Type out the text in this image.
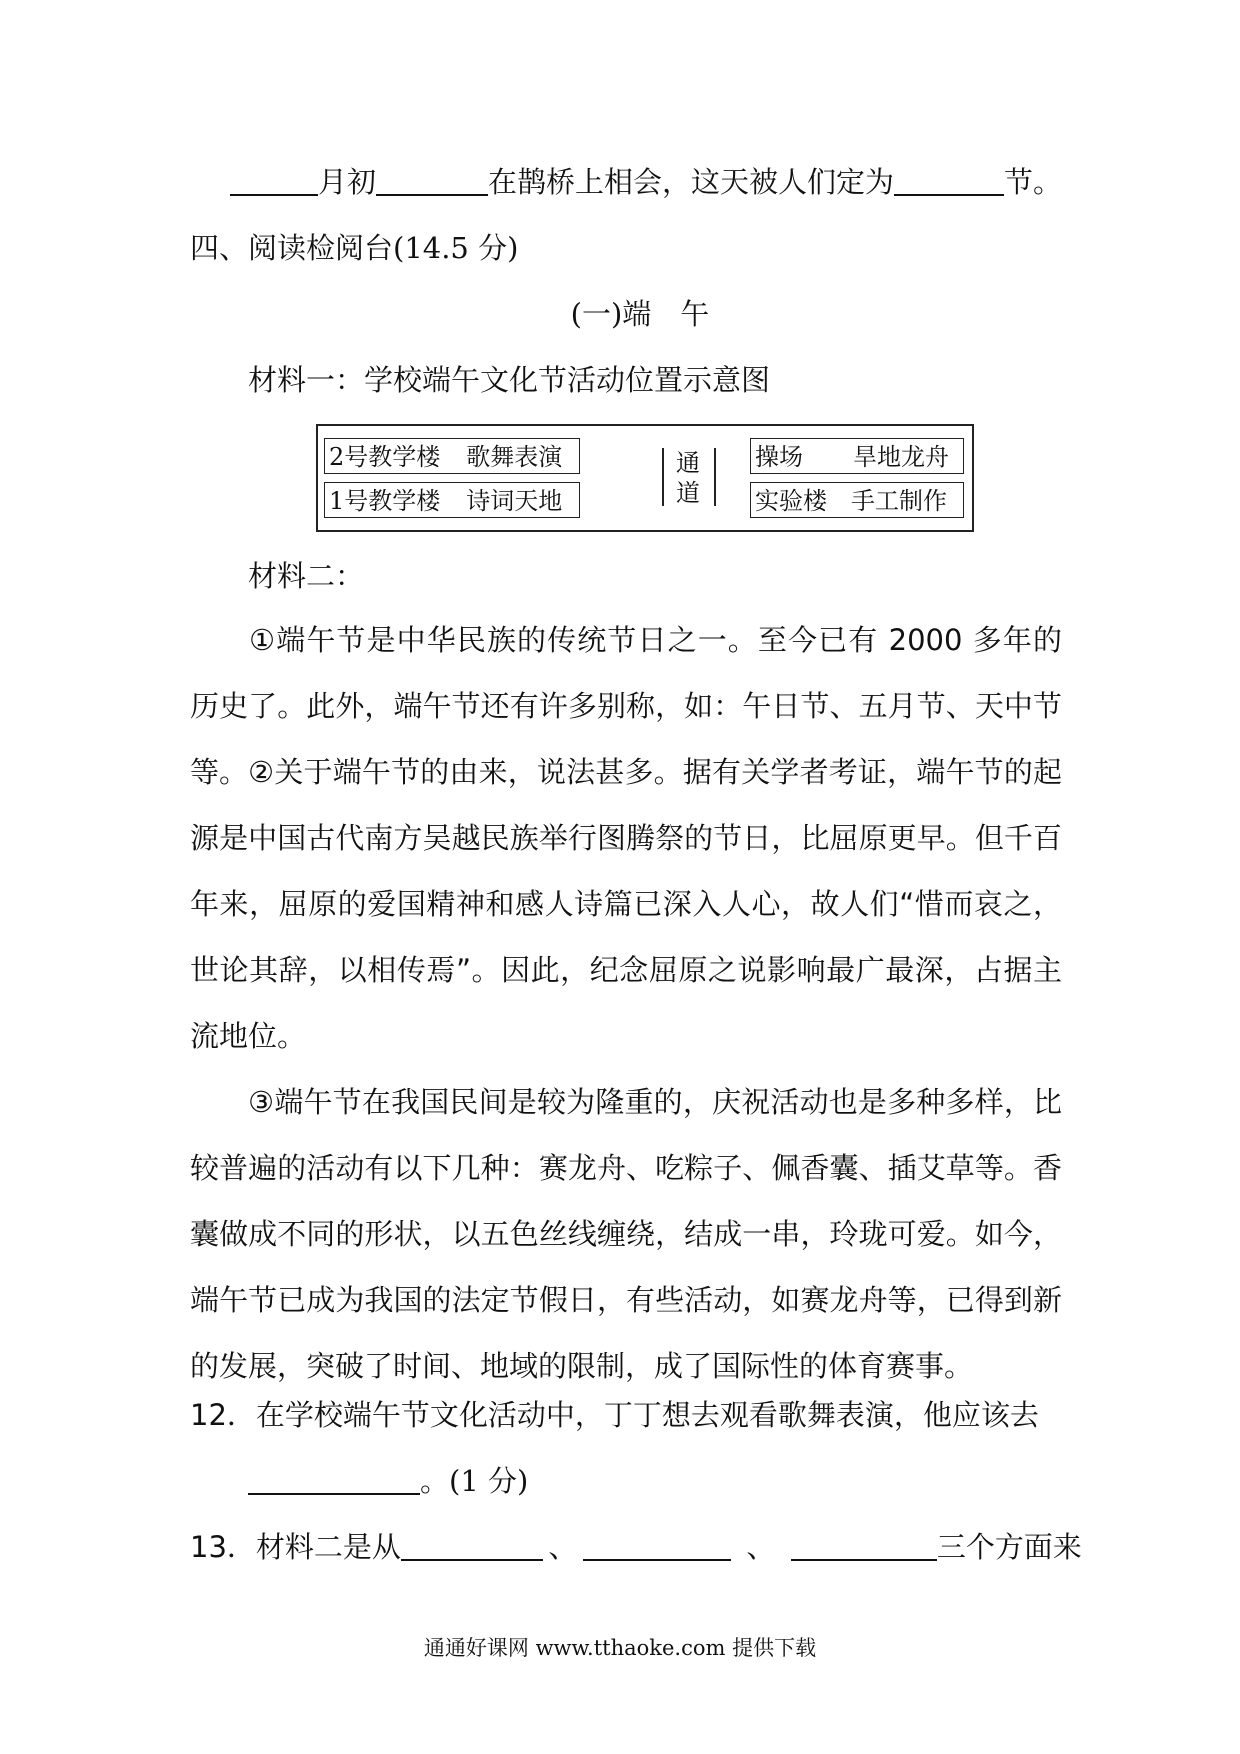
月初	在鹊桥上相会，这天被人们定为	节。
四、阅读检阅台(14.5 分)
(一)端　午
材料一：学校端午文化节活动位置示意图
2号教学楼 歌舞表演
1号教学楼 诗词天地
通
道
操场 旱地龙舟
实验楼 手工制作
材料二：
①端午节是中华民族的传统节日之一。至今已有 2000 多年的历史了。此外，端午节还有许多别称，如：午日节、五月节、天中节等。 ②关于端午节的由来，说法甚多。据有关学者考证，端午节的起源是中国古代南方吴越民族举行图腾祭的节日，比屈原更早。但千百年来，屈原的爱国精神和感人诗篇已深入人心，故人们“惜而哀之，世论其辞，以相传焉”。因此，纪念屈原之说影响最广最深，占据主流地位。
③端午节在我国民间是较为隆重的，庆祝活动也是多种多样，比较普遍的活动有以下几种：赛龙舟、吃粽子、佩香囊、插艾草等。香囊做成不同的形状，以五色丝线缠绕，结成一串，玲珑可爱。如今，端午节已成为我国的法定节假日，有些活动，如赛龙舟等，已得到新的发展，突破了时间、地域的限制，成了国际性的体育赛事。
12．在学校端午节文化活动中，丁丁想去观看歌舞表演，他应该去
。(1 分)
13．材料二是从	、	、	三个方面来
通通好课网 www.tthaoke.com 提供下载
